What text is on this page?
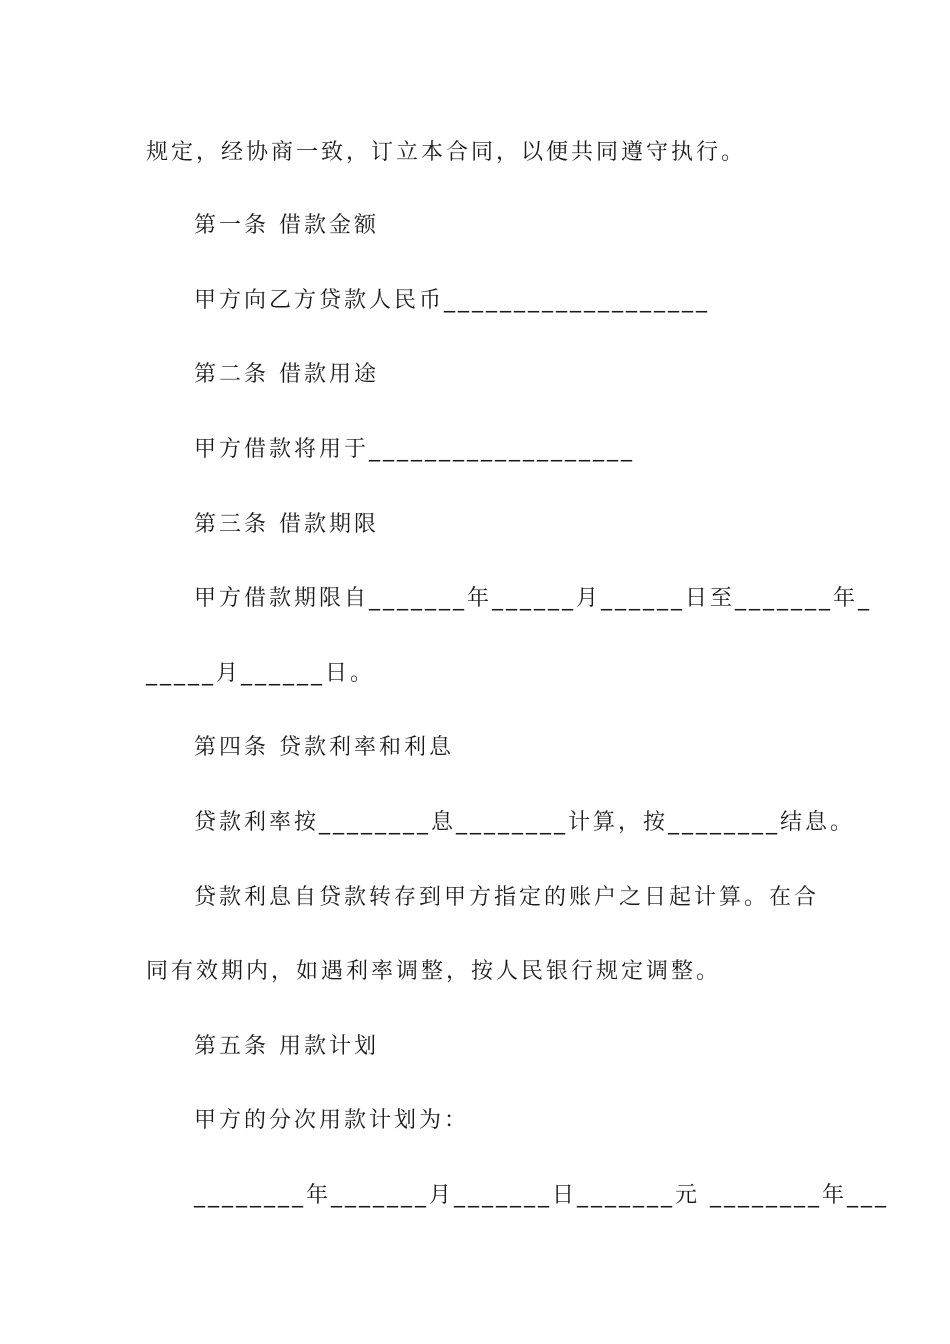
规定，经协商一致，订立本合同，以便共同遵守执行。
第一条 借款金额
甲方向乙方贷款人民币___________________
第二条 借款用途
甲方借款将用于___________________
第三条 借款期限
甲方借款期限自_______年______月______日至_______年_
_____月______日。
第四条 贷款利率和利息
贷款利率按________息________计算，按________结息。
贷款利息自贷款转存到甲方指定的账户之日起计算。在合
同有效期内，如遇利率调整，按人民银行规定调整。
第五条 用款计划
甲方的分次用款计划为：
________年_______月_______日_______元 ________年___
